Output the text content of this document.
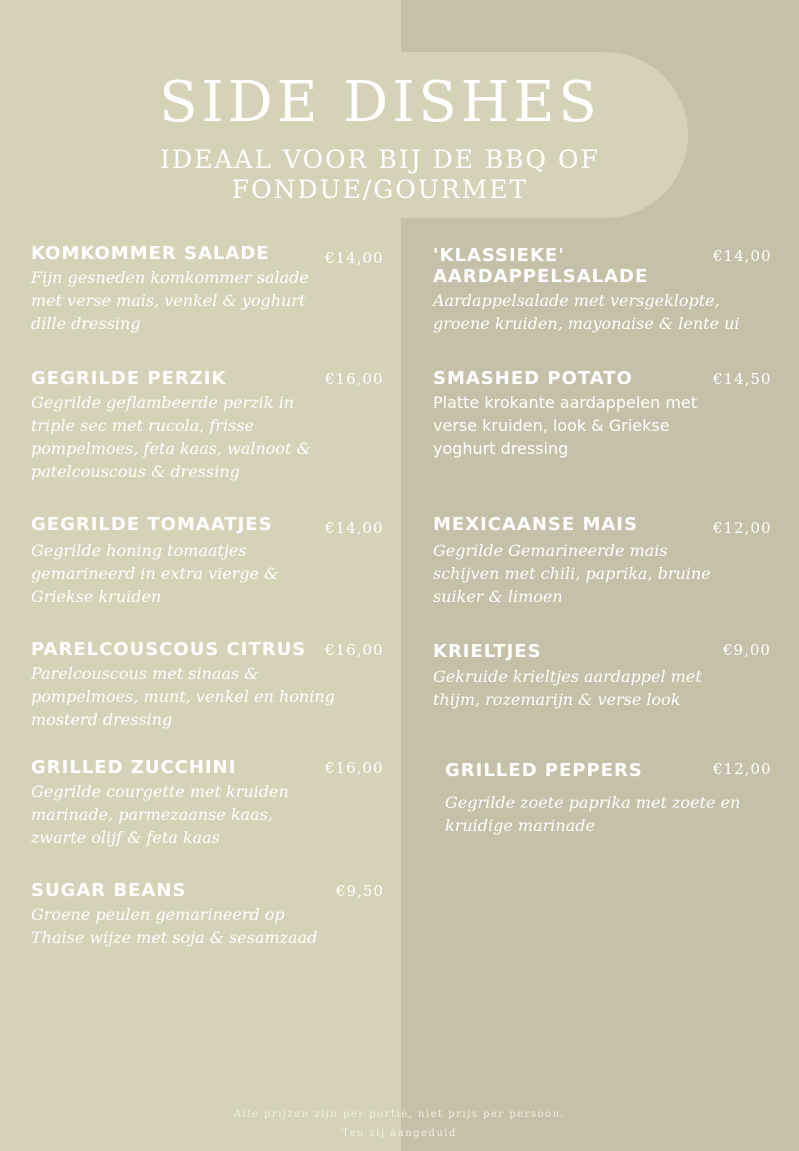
SIDE DISHES
IDEAAL VOOR BIJ DE BBQ OF
FONDUE/GOURMET
KOMKOMMER SALADE	€14,00
Fijn gesneden komkommer salade
met verse mais, venkel & yoghurt
dille dressing
GEGRILDE PERZIK	€16,00
Gegrilde geflambeerde perzik in
triple sec met rucola, frisse
pompelmoes, feta kaas, walnoot &
patelcouscous & dressing
GEGRILDE TOMAATJES	€14,00
Gegrilde honing tomaatjes
gemarineerd in extra vierge &
Griekse kruiden
PARELCOUSCOUS CITRUS €16,00
Parelcouscous met sinaas &
pompelmoes, munt, venkel en honing
mosterd dressing
GRILLED ZUCCHINI	€16,00
Gegrilde courgette met kruiden
marinade, parmezaanse kaas,
zwarte olijf & feta kaas
SUGAR BEANS	€9,50
Groene peulen gemarineerd op
Thaise wijze met soja & sesamzaad
'KLASSIEKE'
AARDAPPELSALADE
€14,00
Aardappelsalade met versgeklopte,
groene kruiden, mayonaise & lente ui
SMASHED POTATO	€14,50
Platte krokante aardappelen met
verse kruiden, look & Griekse
yoghurt dressing
MEXICAANSE MAIS	€12,00
Gegrilde Gemarineerde mais
schijven met chili, paprika, bruine
suiker & limoen
KRIELTJES	€9,00
Gekruide krieltjes aardappel met
thijm, rozemarijn & verse look
GRILLED PEPPERS	€12,00
Gegrilde zoete paprika met zoete en
kruidige marinade
Alle prijzen zijn per portie, niet prijs per persoon.
Ten zij aangeduid
